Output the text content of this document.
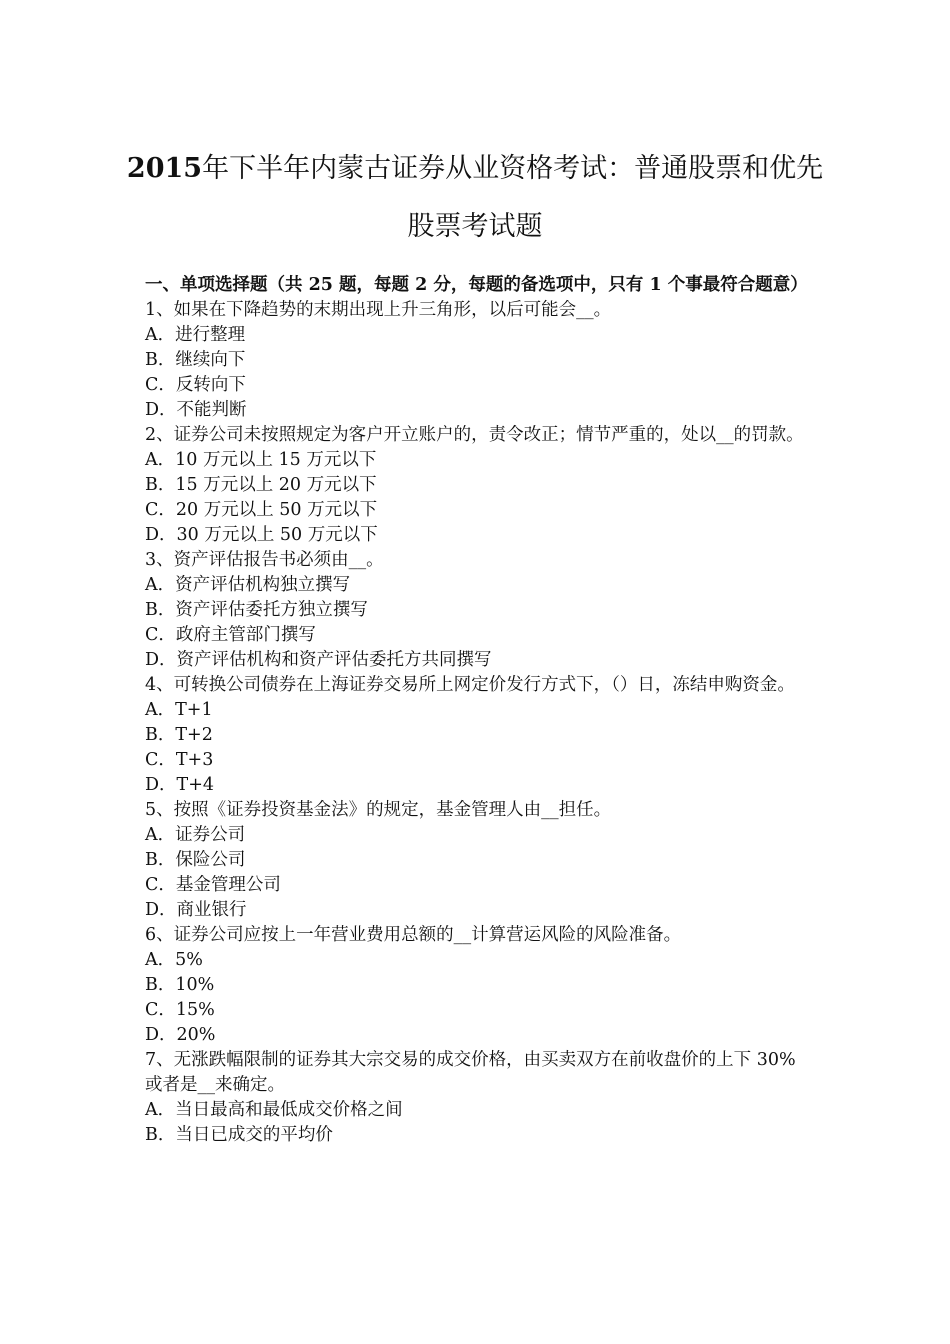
2015年下半年内蒙古证券从业资格考试：普通股票和优先
股票考试题

一、单项选择题（共 25 题，每题 2 分，每题的备选项中，只有 1 个事最符合题意）

1、如果在下降趋势的末期出现上升三角形，以后可能会__。

A．进行整理

B．继续向下

C．反转向下

D．不能判断

2、证券公司未按照规定为客户开立账户的，责令改正；情节严重的，处以__的罚款。

A．10 万元以上 15 万元以下

B．15 万元以上 20 万元以下

C．20 万元以上 50 万元以下

D．30 万元以上 50 万元以下

3、资产评估报告书必须由__。

A．资产评估机构独立撰写

B．资产评估委托方独立撰写

C．政府主管部门撰写

D．资产评估机构和资产评估委托方共同撰写

4、可转换公司债券在上海证券交易所上网定价发行方式下，（）日，冻结申购资金。

A．T+1

B．T+2

C．T+3

D．T+4

5、按照《证券投资基金法》的规定，基金管理人由__担任。

A．证券公司

B．保险公司

C．基金管理公司

D．商业银行

6、证券公司应按上一年营业费用总额的__计算营运风险的风险准备。

A．5%

B．10%

C．15%

D．20%

7、无涨跌幅限制的证券其大宗交易的成交价格，由买卖双方在前收盘价的上下 30%或者是__来确定。

A．当日最高和最低成交价格之间

B．当日已成交的平均价
